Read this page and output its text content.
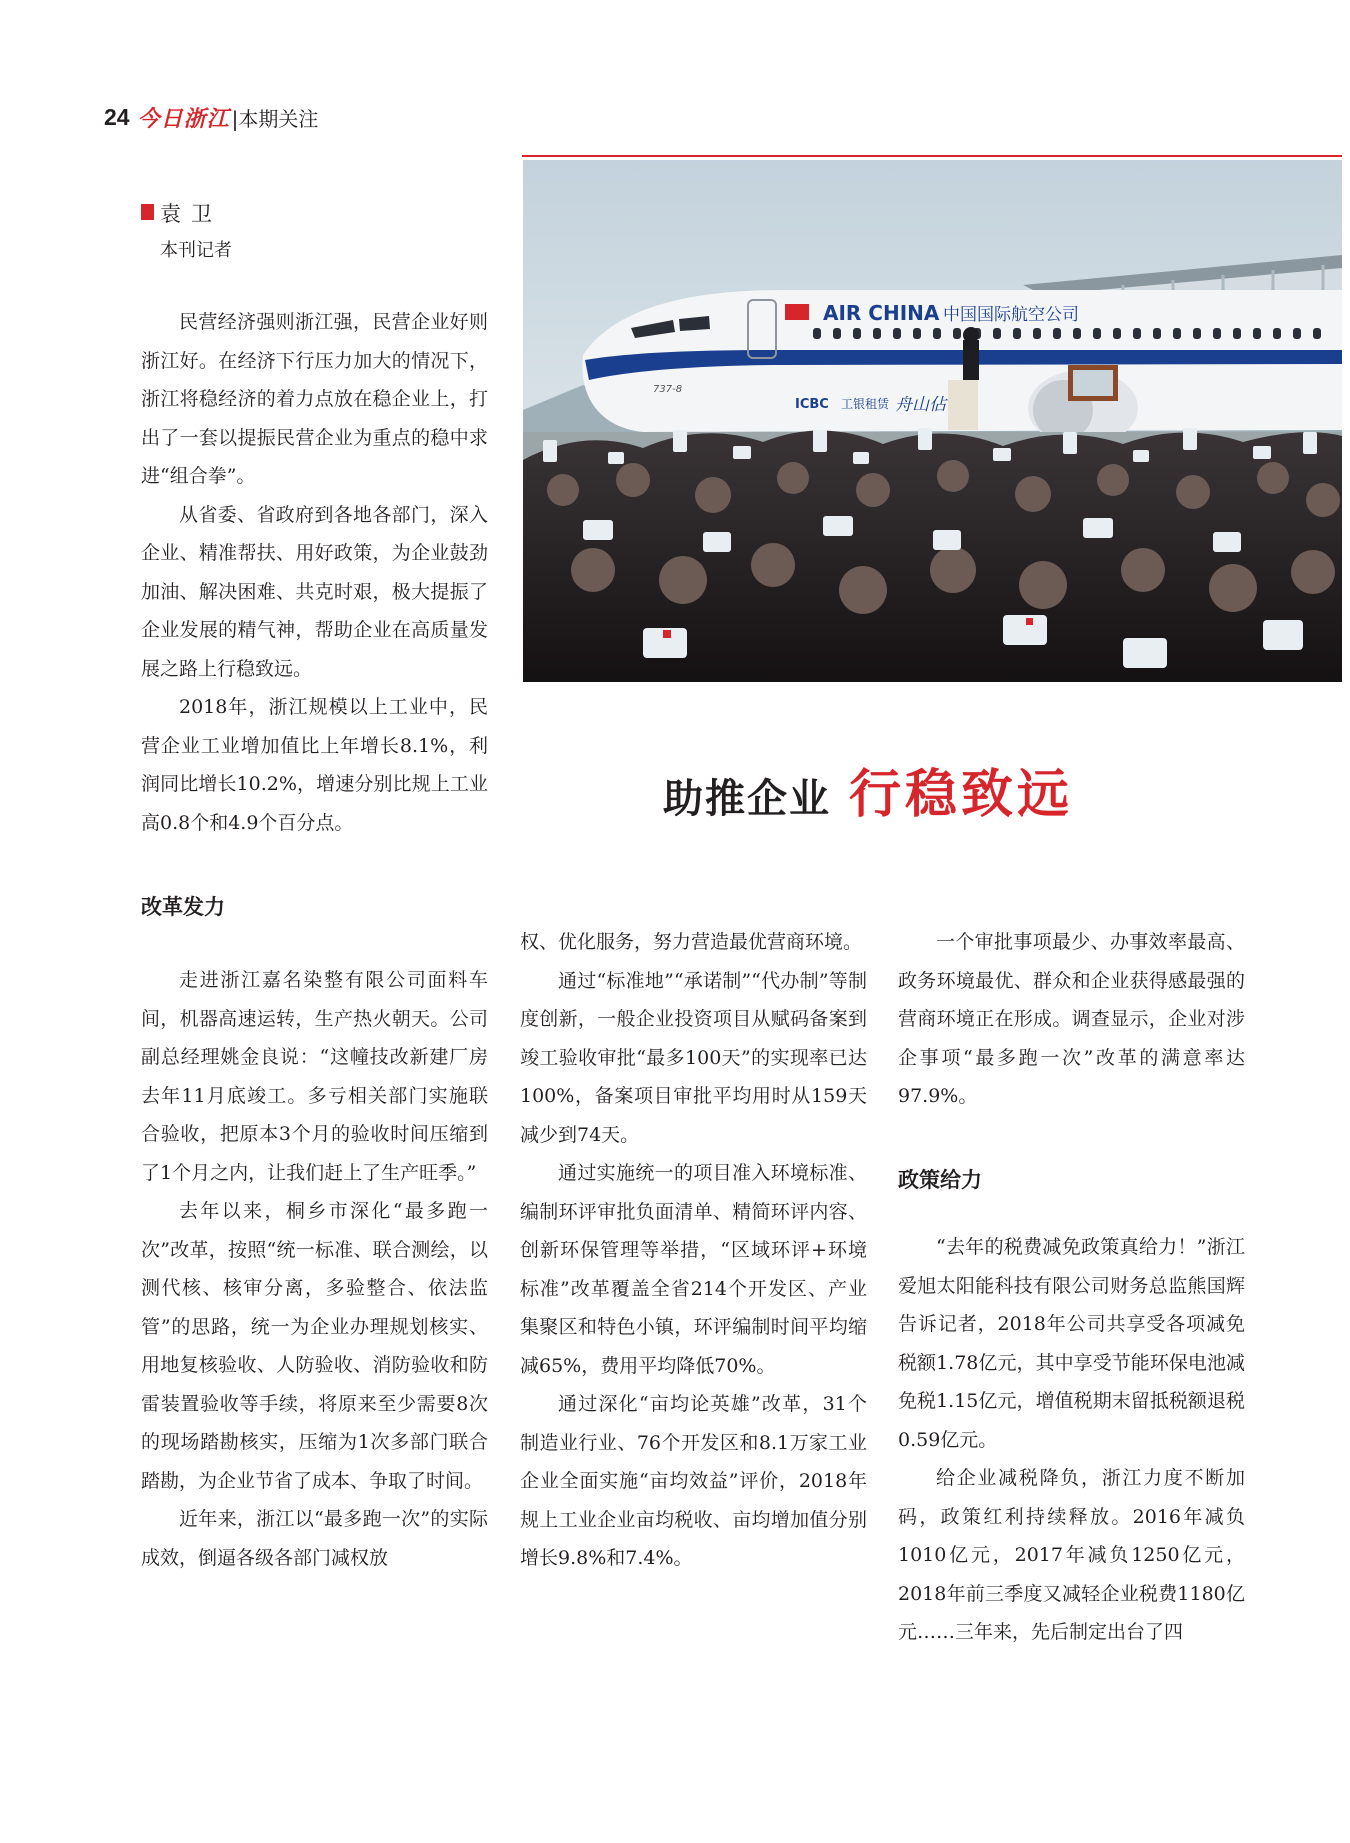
24 今日浙江 |本期关注
袁卫
本刊记者
AIR CHINA 中国国际航空公司
737-8
ICBC 工银租赁 舟山佔
助推企业 行稳致远

民营经济强则浙江强，民营企业好则浙江好。在经济下行压力加大的情况下，浙江将稳经济的着力点放在稳企业上，打出了一套以提振民营企业为重点的稳中求进“组合拳”。

从省委、省政府到各地各部门，深入企业、精准帮扶、用好政策，为企业鼓劲加油、解决困难、共克时艰，极大提振了企业发展的精气神，帮助企业在高质量发展之路上行稳致远。

2018年，浙江规模以上工业中，民营企业工业增加值比上年增长8.1%，利润同比增长10.2%，增速分别比规上工业高0.8个和4.9个百分点。

改革发力

走进浙江嘉名染整有限公司面料车间，机器高速运转，生产热火朝天。公司副总经理姚金良说：“这幢技改新建厂房去年11月底竣工。多亏相关部门实施联合验收，把原本3个月的验收时间压缩到了1个月之内，让我们赶上了生产旺季。”

去年以来，桐乡市深化“最多跑一次”改革，按照“统一标准、联合测绘，以测代核、核审分离，多验整合、依法监管”的思路，统一为企业办理规划核实、用地复核验收、人防验收、消防验收和防雷装置验收等手续，将原来至少需要8次的现场踏勘核实，压缩为1次多部门联合踏勘，为企业节省了成本、争取了时间。

近年来，浙江以“最多跑一次”的实际成效，倒逼各级各部门减权放

权、优化服务，努力营造最优营商环境。

通过“标准地”“承诺制”“代办制”等制度创新，一般企业投资项目从赋码备案到竣工验收审批“最多100天”的实现率已达100%，备案项目审批平均用时从159天减少到74天。

通过实施统一的项目准入环境标准、编制环评审批负面清单、精简环评内容、创新环保管理等举措，“区域环评+环境标准”改革覆盖全省214个开发区、产业集聚区和特色小镇，环评编制时间平均缩减65%，费用平均降低70%。

通过深化“亩均论英雄”改革，31个制造业行业、76个开发区和8.1万家工业企业全面实施“亩均效益”评价，2018年规上工业企业亩均税收、亩均增加值分别增长9.8%和7.4%。

一个审批事项最少、办事效率最高、政务环境最优、群众和企业获得感最强的营商环境正在形成。调查显示，企业对涉企事项“最多跑一次”改革的满意率达97.9%。

政策给力

“去年的税费减免政策真给力！”浙江爱旭太阳能科技有限公司财务总监熊国辉告诉记者，2018年公司共享受各项减免税额1.78亿元，其中享受节能环保电池减免税1.15亿元，增值税期末留抵税额退税0.59亿元。

给企业减税降负，浙江力度不断加码，政策红利持续释放。2016年减负1010亿元，2017年减负1250亿元，2018年前三季度又减轻企业税费1180亿元……三年来，先后制定出台了四
